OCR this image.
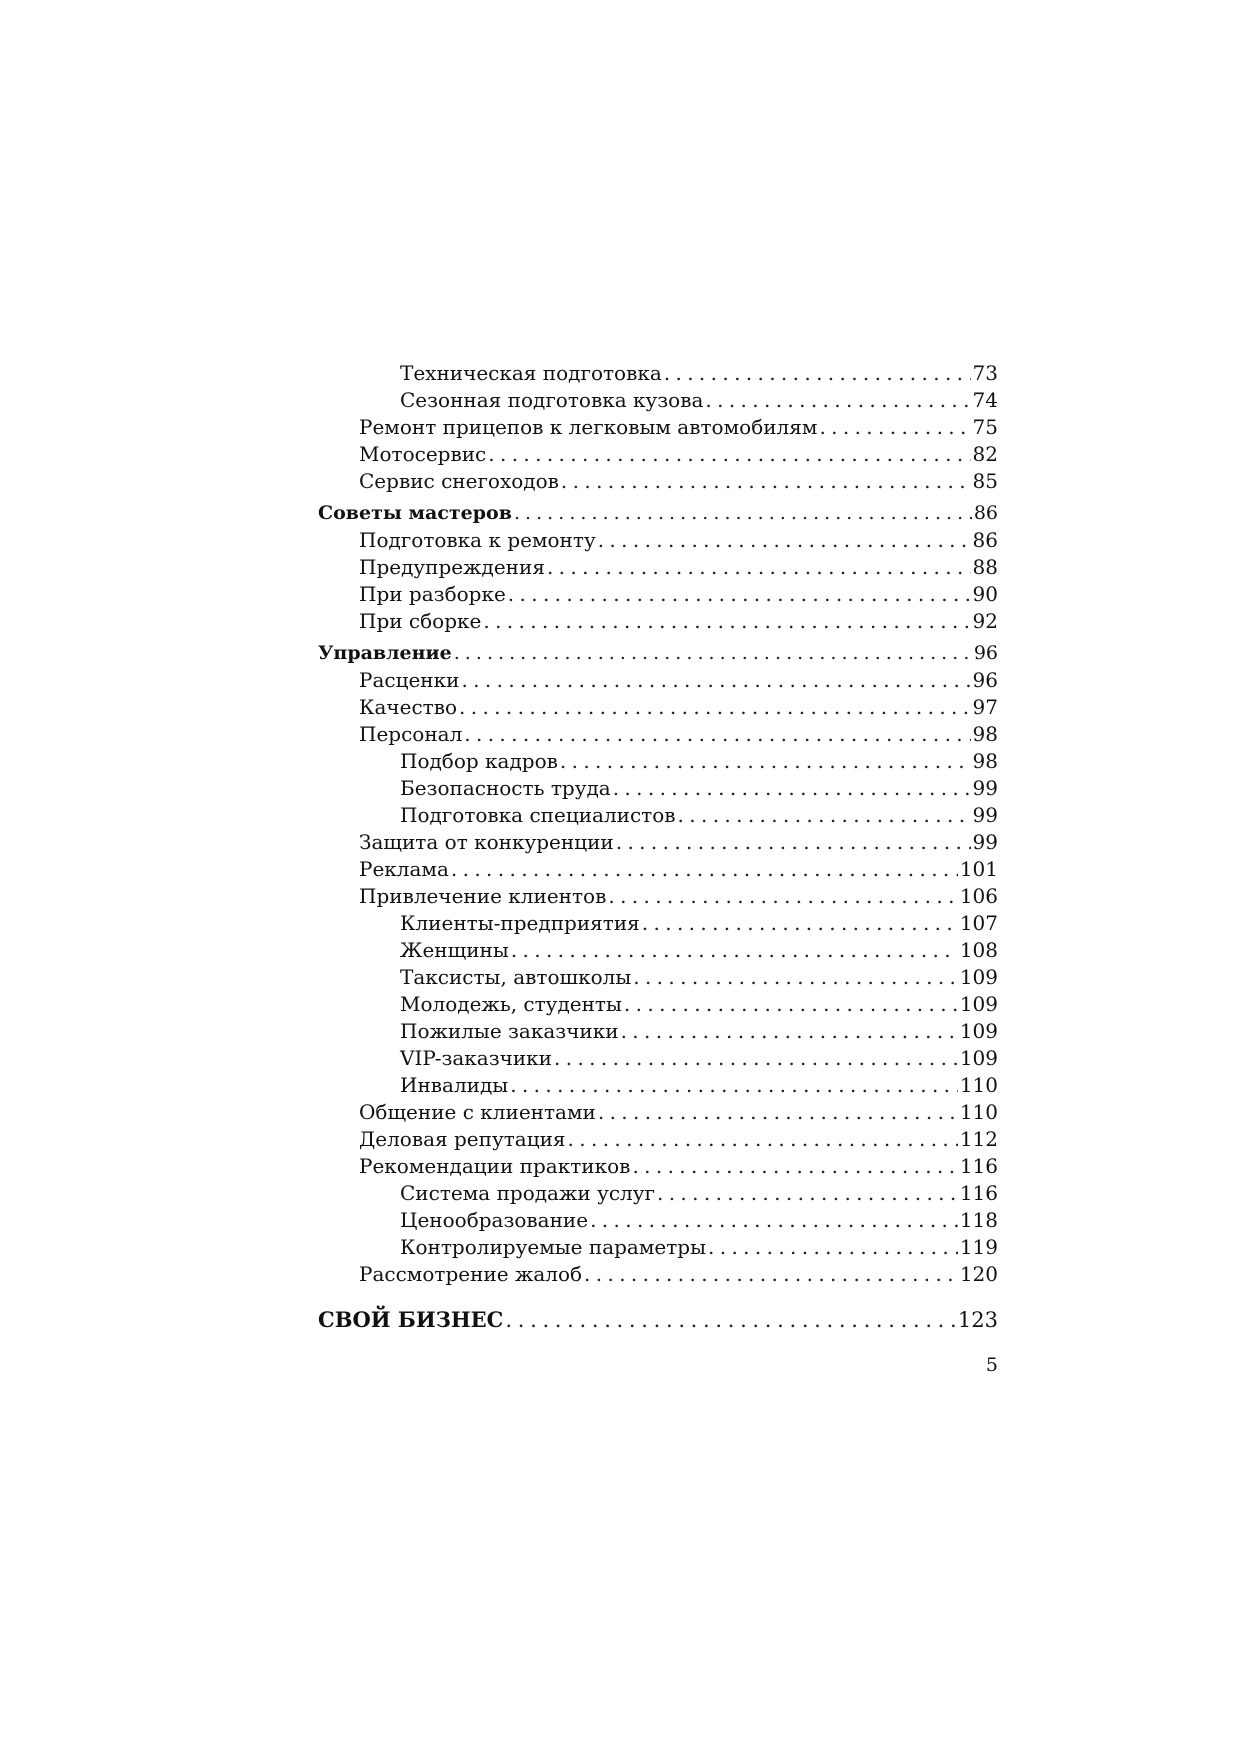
Техническая подготовка . . .	73
Сезонная подготовка кузова . . .	74
Ремонт прицепов к легковым автомобилям . . .	75
Мотосервис . . .	82
Сервис снегоходов . . .	85
Советы мастеров . . .	86
Подготовка к ремонту . . .	86
Предупреждения . . .	88
При разборке . . .	90
При сборке . . .	92
Управление . . .	96
Расценки . . .	96
Качество . . .	97
Персонал . . .	98
Подбор кадров . . .	98
Безопасность труда . . .	99
Подготовка специалистов . . .	99
Защита от конкуренции . . .	99
Реклама . . .	101
Привлечение клиентов . . .	106
Клиенты-предприятия . . .	107
Женщины . . .	108
Таксисты, автошколы . . .	109
Молодежь, студенты . . .	109
Пожилые заказчики . . .	109
VIP-заказчики . . .	109
Инвалиды . . .	110
Общение с клиентами . . .	110
Деловая репутация . . .	112
Рекомендации практиков . . .	116
Система продажи услуг . . .	116
Ценообразование . . .	118
Контролируемые параметры . . .	119
Рассмотрение жалоб . . .	120
СВОЙ БИЗНЕС . . .	123
5
